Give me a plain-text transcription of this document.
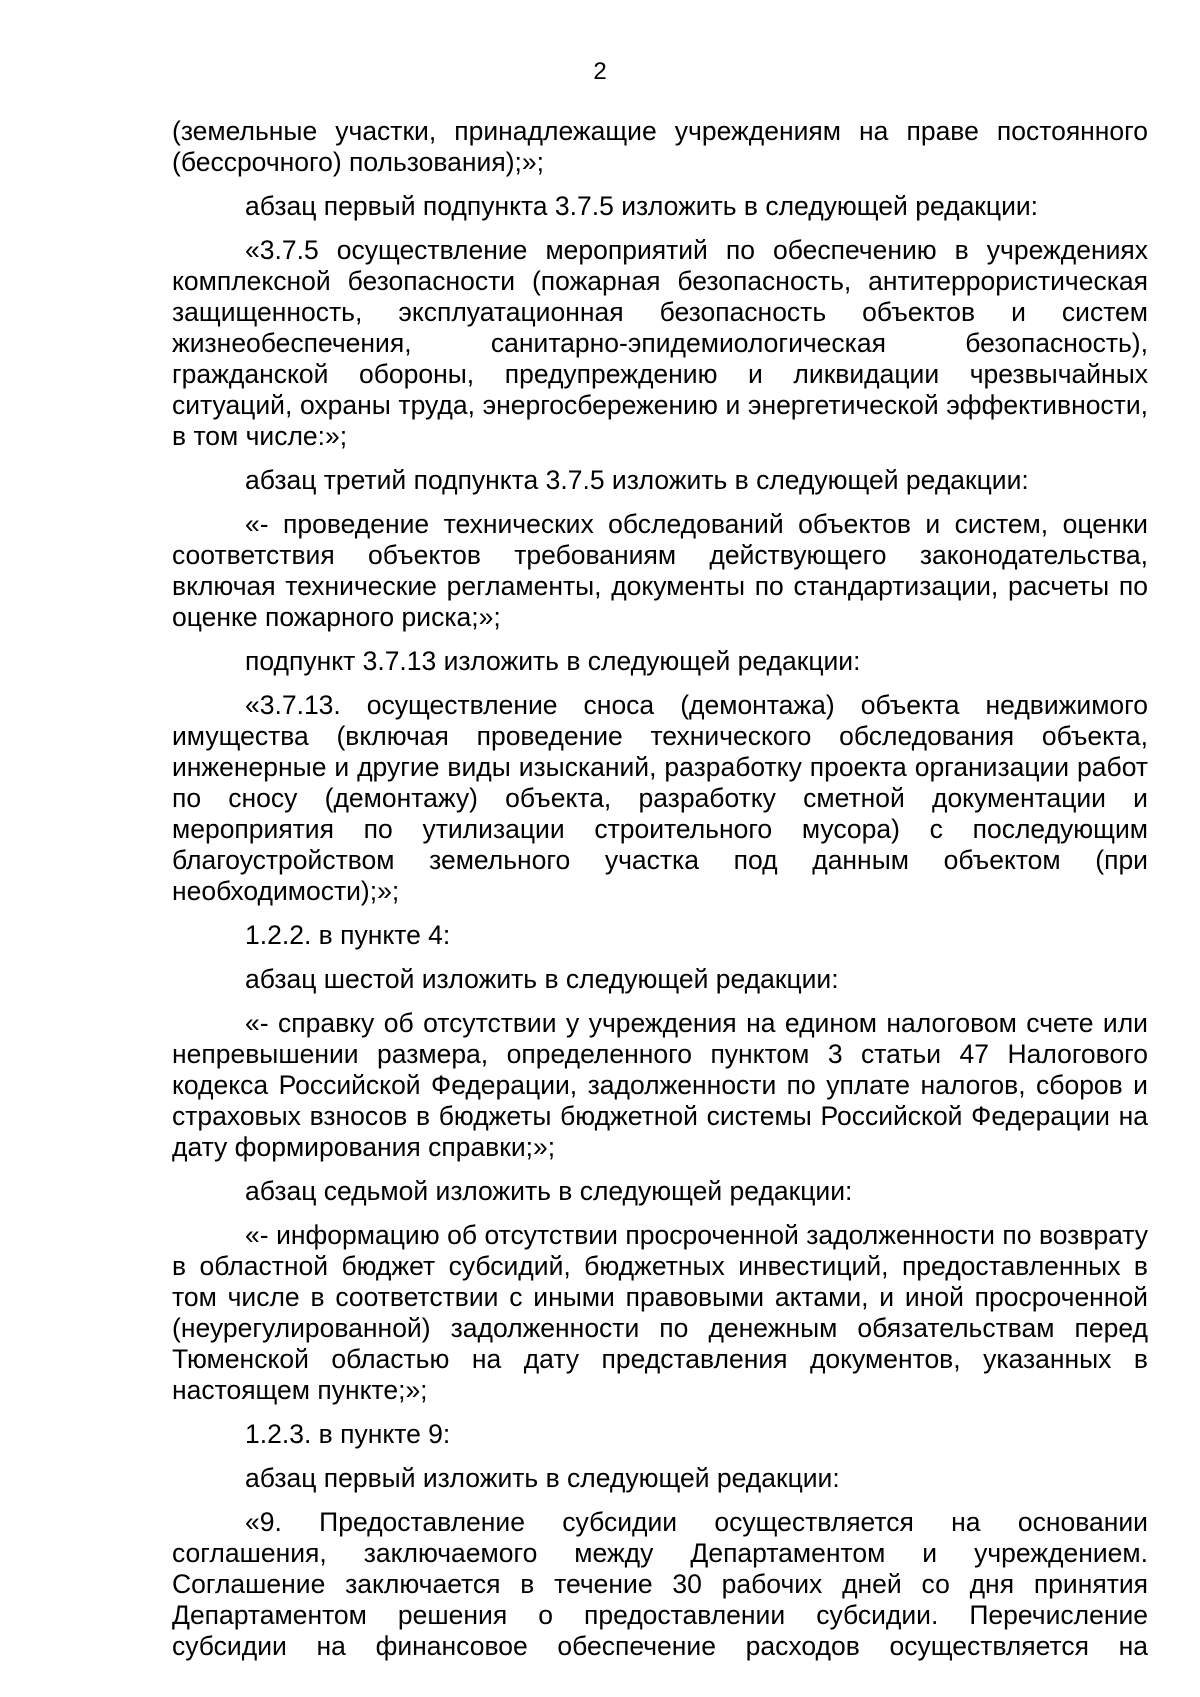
2

(земельные участки, принадлежащие учреждениям на праве постоянного (бессрочного) пользования);»;

абзац первый подпункта 3.7.5 изложить в следующей редакции:

«3.7.5 осуществление мероприятий по обеспечению в учреждениях комплексной безопасности (пожарная безопасность, антитеррористическая защищенность, эксплуатационная безопасность объектов и систем жизнеобеспечения, санитарно-эпидемиологическая безопасность), гражданской обороны, предупреждению и ликвидации чрезвычайных ситуаций, охраны труда, энергосбережению и энергетической эффективности, в том числе:»;

абзац третий подпункта 3.7.5 изложить в следующей редакции:

«- проведение технических обследований объектов и систем, оценки соответствия объектов требованиям действующего законодательства, включая технические регламенты, документы по стандартизации, расчеты по оценке пожарного риска;»;

подпункт 3.7.13 изложить в следующей редакции:

«3.7.13. осуществление сноса (демонтажа) объекта недвижимого имущества (включая проведение технического обследования объекта, инженерные и другие виды изысканий, разработку проекта организации работ по сносу (демонтажу) объекта, разработку сметной документации и мероприятия по утилизации строительного мусора) с последующим благоустройством земельного участка под данным объектом (при необходимости);»;

1.2.2. в пункте 4:

абзац шестой изложить в следующей редакции:

«- справку об отсутствии у учреждения на едином налоговом счете или непревышении размера, определенного пунктом 3 статьи 47 Налогового кодекса Российской Федерации, задолженности по уплате налогов, сборов и страховых взносов в бюджеты бюджетной системы Российской Федерации на дату формирования справки;»;

абзац седьмой изложить в следующей редакции:

«- информацию об отсутствии просроченной задолженности по возврату в областной бюджет субсидий, бюджетных инвестиций, предоставленных в том числе в соответствии с иными правовыми актами, и иной просроченной (неурегулированной) задолженности по денежным обязательствам перед Тюменской областью на дату представления документов, указанных в настоящем пункте;»;

1.2.3. в пункте 9:

абзац первый изложить в следующей редакции:

«9. Предоставление субсидии осуществляется на основании соглашения, заключаемого между Департаментом и учреждением. Соглашение заключается в течение 30 рабочих дней со дня принятия Департаментом решения о предоставлении субсидии. Перечисление субсидии на финансовое обеспечение расходов осуществляется на
